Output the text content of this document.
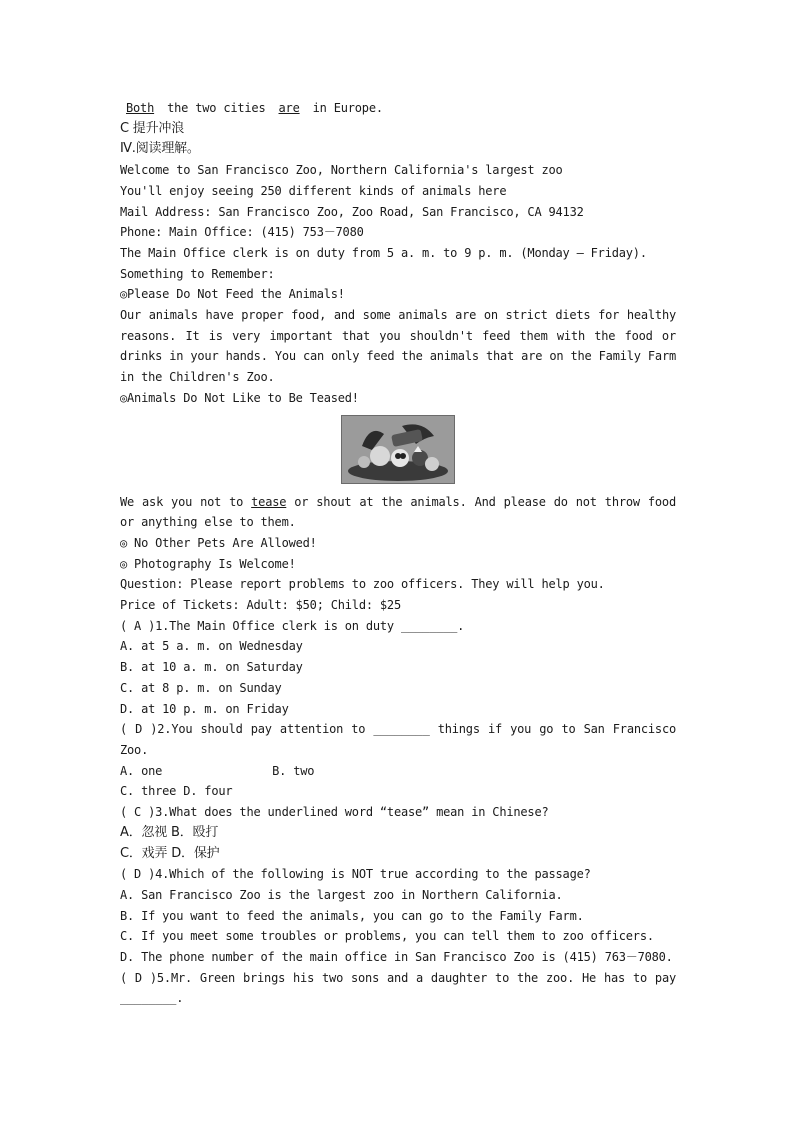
Both the two cities are in Europe.
C 提升冲浪
Ⅳ.阅读理解。
Welcome to San Francisco Zoo, Northern California's largest zoo
You'll enjoy seeing 250 different kinds of animals here
Mail Address: San Francisco Zoo, Zoo Road, San Francisco, CA 94132
Phone: Main Office: (415) 753－7080
The Main Office clerk is on duty from 5 a. m. to 9 p. m. (Monday — Friday).
Something to Remember:
◎Please Do Not Feed the Animals!
Our animals have proper food, and some animals are on strict diets for healthy reasons. It is very important that you shouldn't feed them with the food or drinks in your hands. You can only feed the animals that are on the Family Farm in the Children's Zoo.
◎Animals Do Not Like to Be Teased!
We ask you not to tease or shout at the animals. And please do not throw food or anything else to them.
◎ No Other Pets Are Allowed!
◎ Photography Is Welcome!
Question: Please report problems to zoo officers. They will help you.
Price of Tickets: Adult: $50; Child: $25
( A )1.The Main Office clerk is on duty ________.
A. at 5 a. m. on Wednesday
B. at 10 a. m. on Saturday
C. at 8 p. m. on Sunday
D. at 10 p. m. on Friday
( D )2.You should pay attention to ________ things if you go to San Francisco Zoo.
A. one	B. two
C. three D. four
( C )3.What does the underlined word “tease” mean in Chinese?
A．忽视 B．殴打
C．戏弄 D．保护
( D )4.Which of the following is NOT true according to the passage?
A. San Francisco Zoo is the largest zoo in Northern California.
B. If you want to feed the animals, you can go to the Family Farm.
C. If you meet some troubles or problems, you can tell them to zoo officers.
D. The phone number of the main office in San Francisco Zoo is (415) 763－7080.
( D )5.Mr. Green brings his two sons and a daughter to the zoo. He has to pay ________.
